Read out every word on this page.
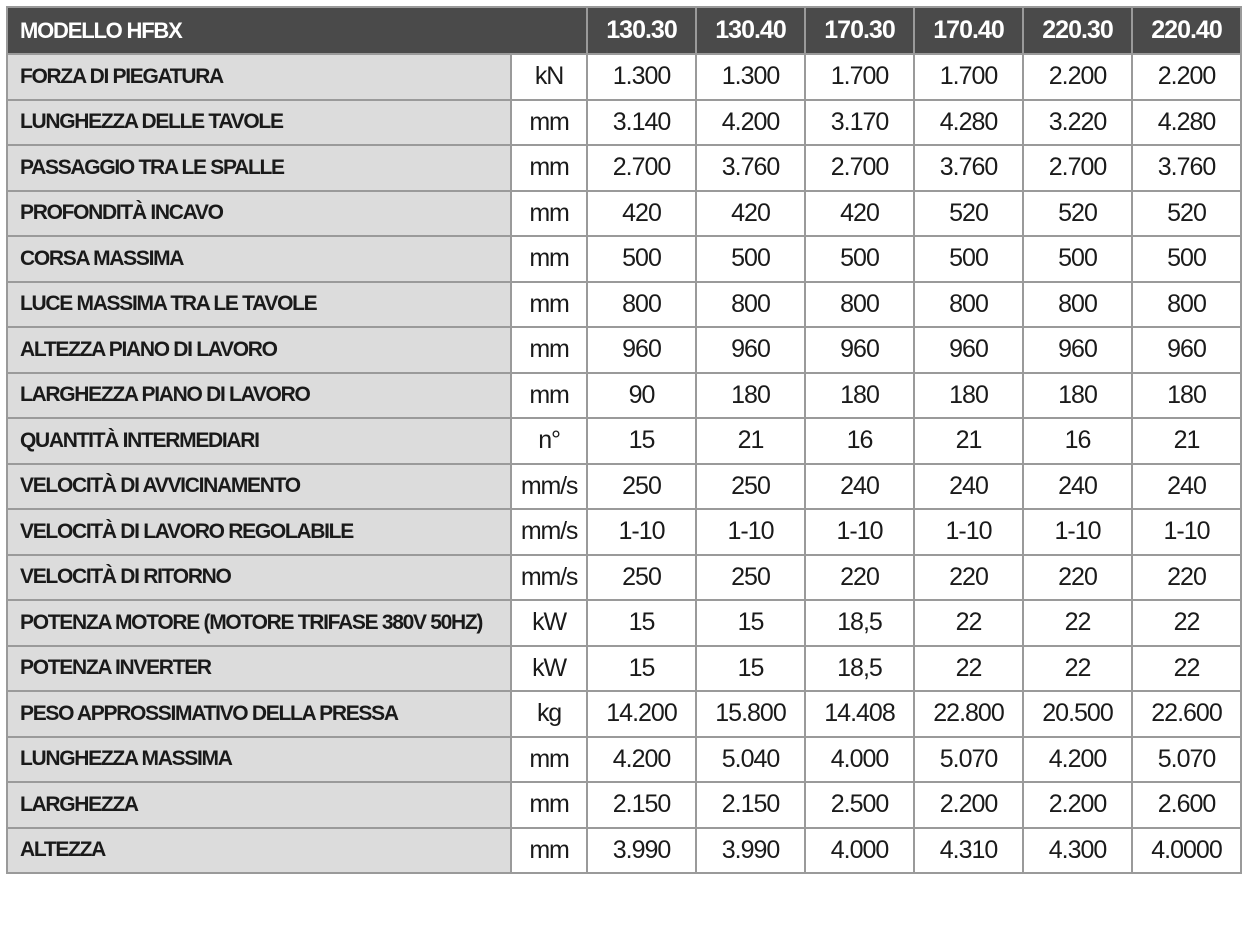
MODELLO HFBX		130.30	130.40	170.30	170.40	220.30	220.40
FORZA DI PIEGATURA	kN	1.300	1.300	1.700	1.700	2.200	2.200
LUNGHEZZA DELLE TAVOLE	mm	3.140	4.200	3.170	4.280	3.220	4.280
PASSAGGIO TRA LE SPALLE	mm	2.700	3.760	2.700	3.760	2.700	3.760
PROFONDITÀ INCAVO	mm	420	420	420	520	520	520
CORSA MASSIMA	mm	500	500	500	500	500	500
LUCE MASSIMA TRA LE TAVOLE	mm	800	800	800	800	800	800
ALTEZZA PIANO DI LAVORO	mm	960	960	960	960	960	960
LARGHEZZA PIANO DI LAVORO	mm	90	180	180	180	180	180
QUANTITÀ INTERMEDIARI	n°	15	21	16	21	16	21
VELOCITÀ DI AVVICINAMENTO	mm/s	250	250	240	240	240	240
VELOCITÀ DI LAVORO REGOLABILE	mm/s	1-10	1-10	1-10	1-10	1-10	1-10
VELOCITÀ DI RITORNO	mm/s	250	250	220	220	220	220
POTENZA MOTORE (MOTORE TRIFASE 380V 50HZ)	kW	15	15	18,5	22	22	22
POTENZA INVERTER	kW	15	15	18,5	22	22	22
PESO APPROSSIMATIVO DELLA PRESSA	kg	14.200	15.800	14.408	22.800	20.500	22.600
LUNGHEZZA MASSIMA	mm	4.200	5.040	4.000	5.070	4.200	5.070
LARGHEZZA	mm	2.150	2.150	2.500	2.200	2.200	2.600
ALTEZZA	mm	3.990	3.990	4.000	4.310	4.300	4.0000
